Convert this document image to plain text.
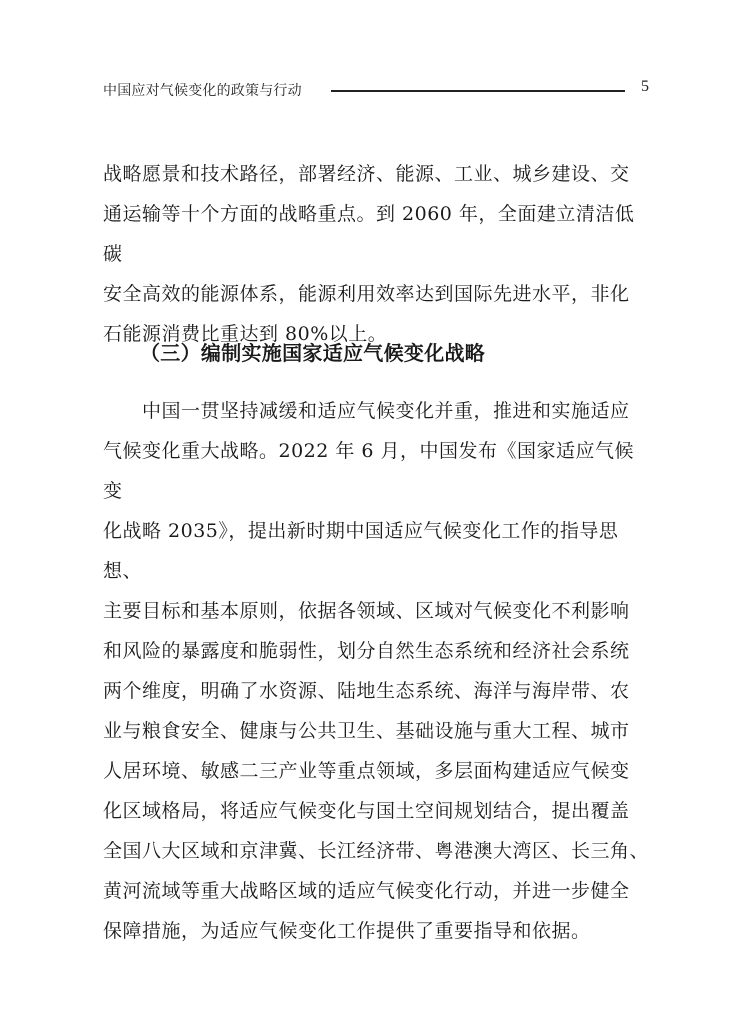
中国应对气候变化的政策与行动	5

战略愿景和技术路径，部署经济、能源、工业、城乡建设、交
通运输等十个方面的战略重点。到 2060 年，全面建立清洁低碳
安全高效的能源体系，能源利用效率达到国际先进水平，非化
石能源消费比重达到 80%以上。

（三）编制实施国家适应气候变化战略

　　中国一贯坚持减缓和适应气候变化并重，推进和实施适应
气候变化重大战略。2022 年 6 月，中国发布《国家适应气候变
化战略 2035》，提出新时期中国适应气候变化工作的指导思想、
主要目标和基本原则，依据各领域、区域对气候变化不利影响
和风险的暴露度和脆弱性，划分自然生态系统和经济社会系统
两个维度，明确了水资源、陆地生态系统、海洋与海岸带、农
业与粮食安全、健康与公共卫生、基础设施与重大工程、城市
人居环境、敏感二三产业等重点领域，多层面构建适应气候变
化区域格局，将适应气候变化与国土空间规划结合，提出覆盖
全国八大区域和京津冀、长江经济带、粤港澳大湾区、长三角、
黄河流域等重大战略区域的适应气候变化行动，并进一步健全
保障措施，为适应气候变化工作提供了重要指导和依据。
